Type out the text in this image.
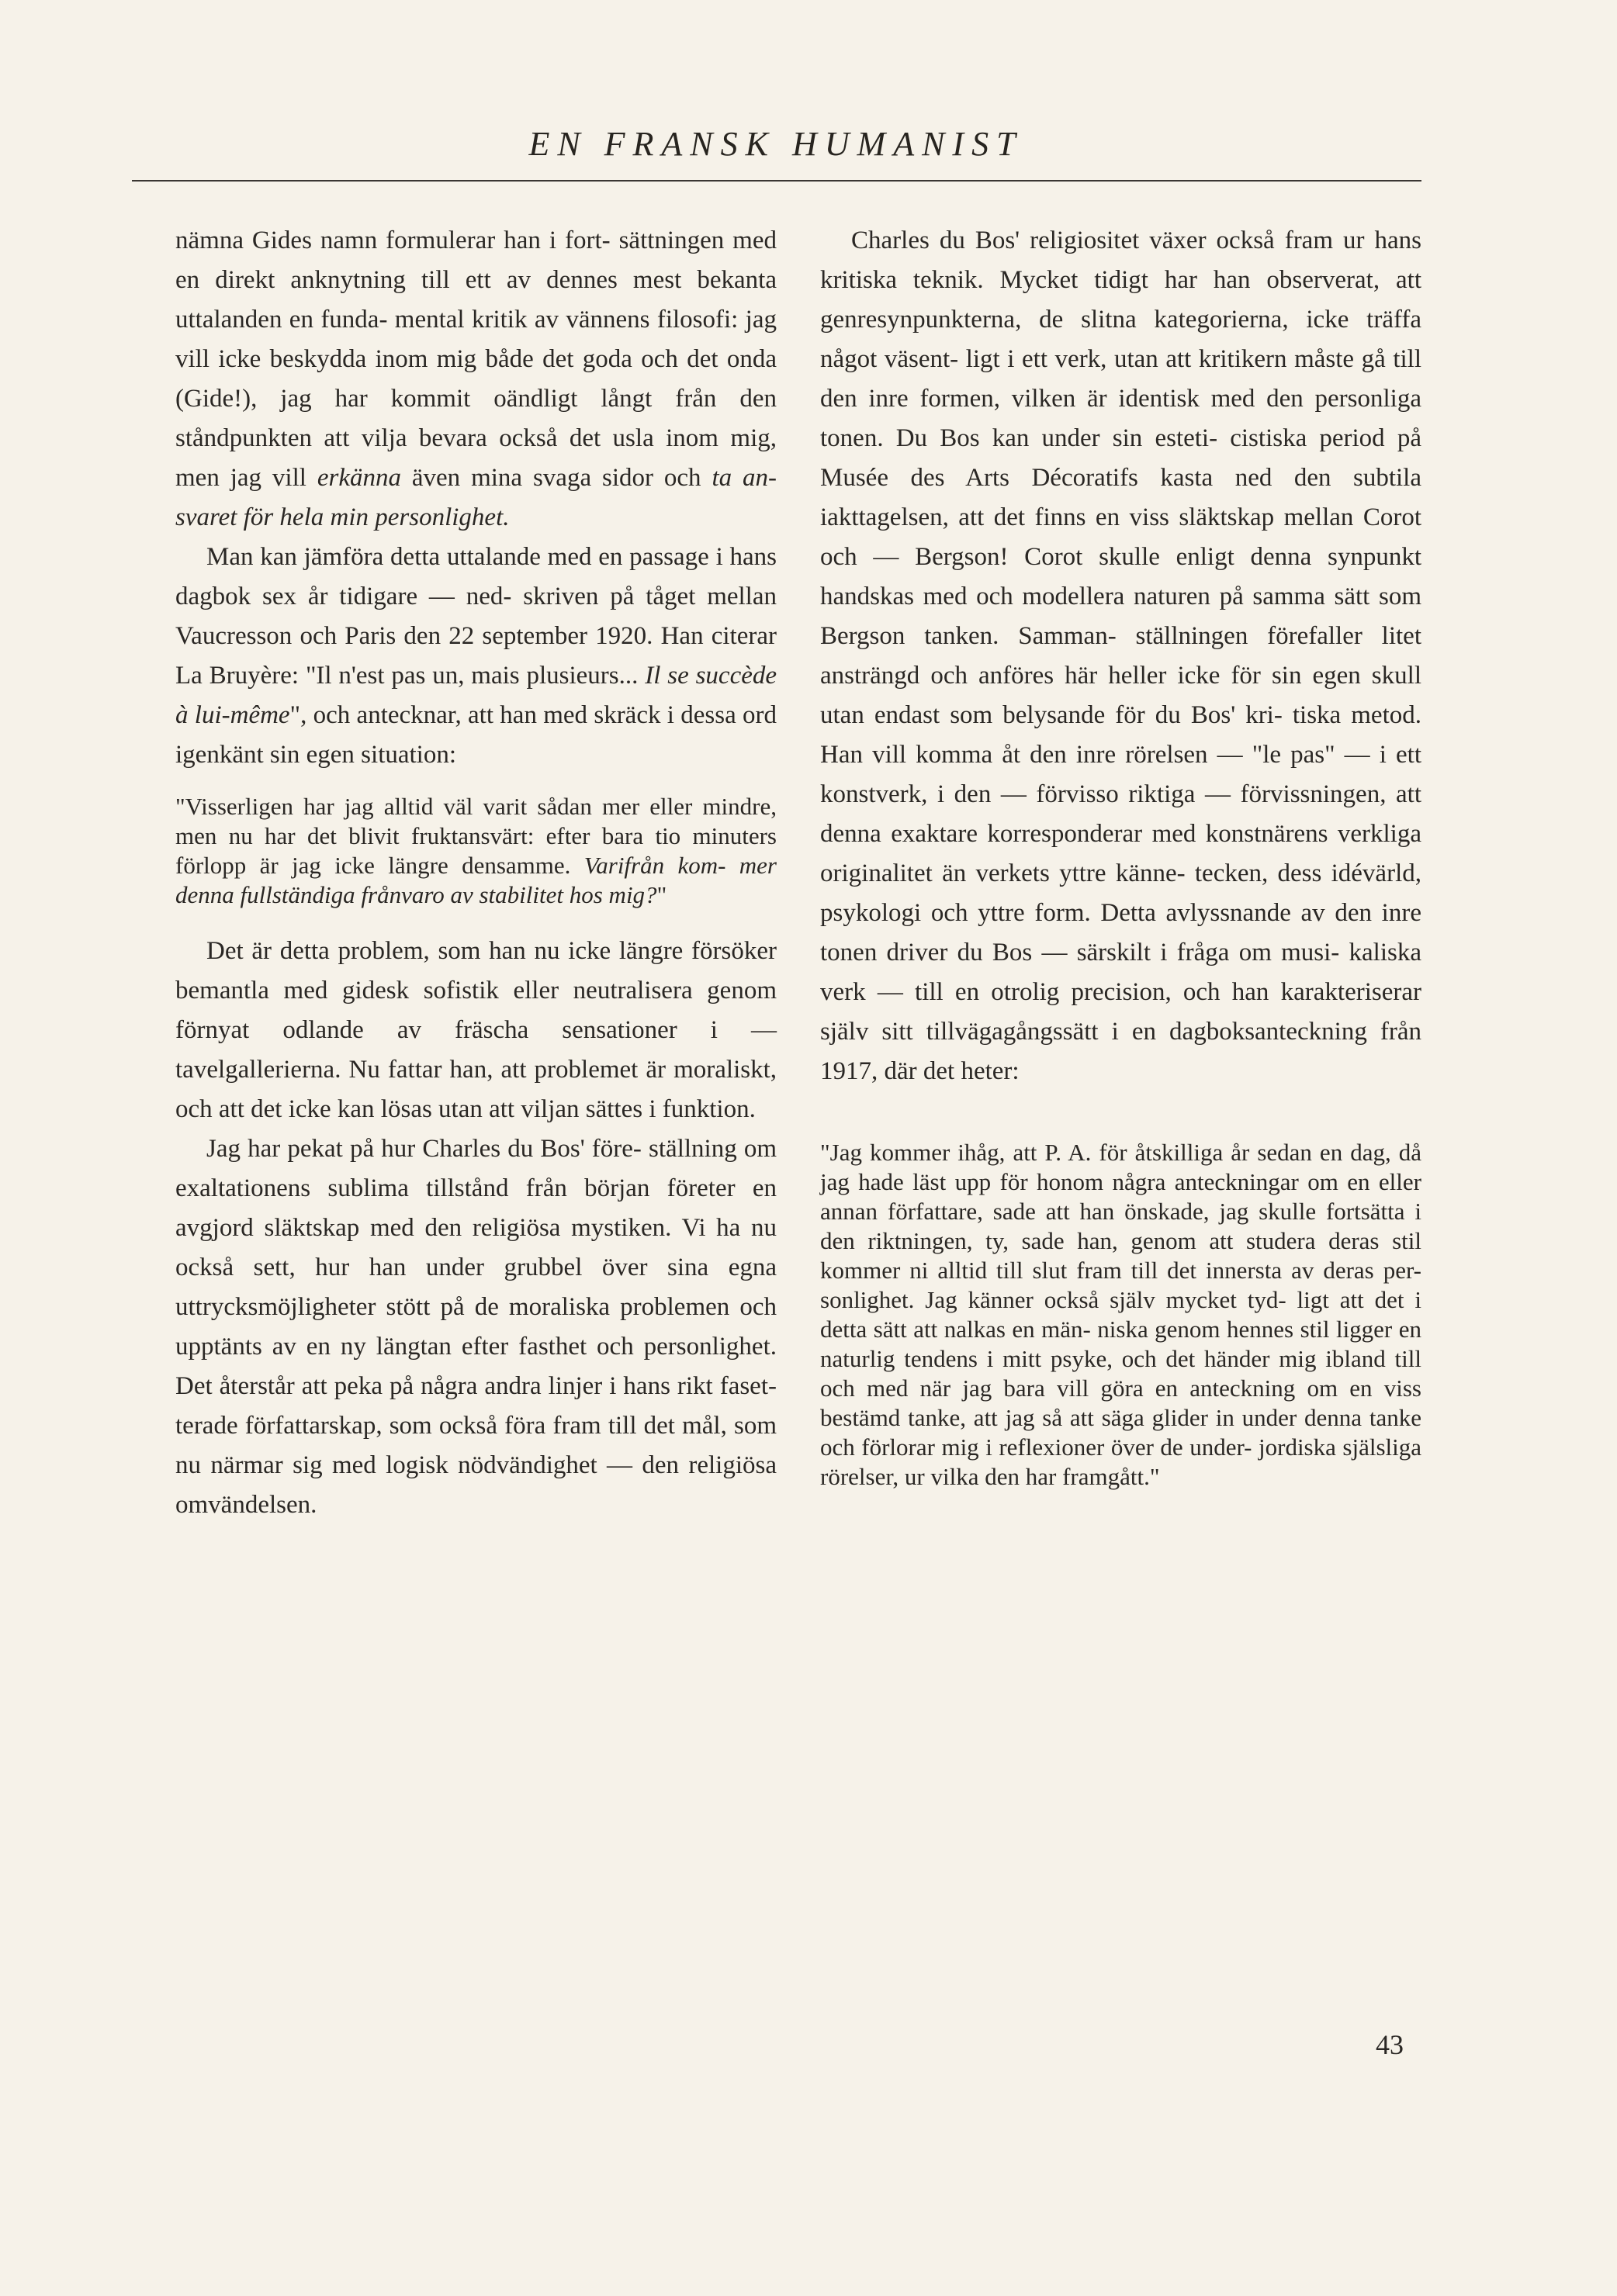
EN FRANSK HUMANIST

nämna Gides namn formulerar han i fort- sättningen med en direkt anknytning till ett av dennes mest bekanta uttalanden en funda- mental kritik av vännens filosofi: jag vill icke beskydda inom mig både det goda och det onda (Gide!), jag har kommit oändligt långt från den ståndpunkten att vilja bevara också det usla inom mig, men jag vill erkänna även mina svaga sidor och ta an- svaret för hela min personlighet.

Man kan jämföra detta uttalande med en passage i hans dagbok sex år tidigare — ned- skriven på tåget mellan Vaucresson och Paris den 22 september 1920. Han citerar La Bruyère: "Il n'est pas un, mais plusieurs... Il se succède à lui-même", och antecknar, att han med skräck i dessa ord igenkänt sin egen situation:

"Visserligen har jag alltid väl varit sådan mer eller mindre, men nu har det blivit fruktansvärt: efter bara tio minuters förlopp är jag icke längre densamme. Varifrån kom- mer denna fullständiga frånvaro av stabilitet hos mig?"

Det är detta problem, som han nu icke längre försöker bemantla med gidesk sofistik eller neutralisera genom förnyat odlande av fräscha sensationer i — tavelgallerierna. Nu fattar han, att problemet är moraliskt, och att det icke kan lösas utan att viljan sättes i funktion.

Jag har pekat på hur Charles du Bos' före- ställning om exaltationens sublima tillstånd från början företer en avgjord släktskap med den religiösa mystiken. Vi ha nu också sett, hur han under grubbel över sina egna uttrycksmöjligheter stött på de moraliska problemen och upptänts av en ny längtan efter fasthet och personlighet. Det återstår att peka på några andra linjer i hans rikt faset- terade författarskap, som också föra fram till det mål, som nu närmar sig med logisk nödvändighet — den religiösa omvändelsen.

Charles du Bos' religiositet växer också fram ur hans kritiska teknik. Mycket tidigt har han observerat, att genresynpunkterna, de slitna kategorierna, icke träffa något väsent- ligt i ett verk, utan att kritikern måste gå till den inre formen, vilken är identisk med den personliga tonen. Du Bos kan under sin esteti- cistiska period på Musée des Arts Décoratifs kasta ned den subtila iakttagelsen, att det finns en viss släktskap mellan Corot och — Bergson! Corot skulle enligt denna synpunkt handskas med och modellera naturen på samma sätt som Bergson tanken. Samman- ställningen förefaller litet ansträngd och anföres här heller icke för sin egen skull utan endast som belysande för du Bos' kri- tiska metod. Han vill komma åt den inre rörelsen — "le pas" — i ett konstverk, i den — förvisso riktiga — förvissningen, att denna exaktare korresponderar med konstnärens verkliga originalitet än verkets yttre känne- tecken, dess idévärld, psykologi och yttre form. Detta avlyssnande av den inre tonen driver du Bos — särskilt i fråga om musi- kaliska verk — till en otrolig precision, och han karakteriserar själv sitt tillvägagångssätt i en dagboksanteckning från 1917, där det heter:

"Jag kommer ihåg, att P. A. för åtskilliga år sedan en dag, då jag hade läst upp för honom några anteckningar om en eller annan författare, sade att han önskade, jag skulle fortsätta i den riktningen, ty, sade han, genom att studera deras stil kommer ni alltid till slut fram till det innersta av deras per- sonlighet. Jag känner också själv mycket tyd- ligt att det i detta sätt att nalkas en män- niska genom hennes stil ligger en naturlig tendens i mitt psyke, och det händer mig ibland till och med när jag bara vill göra en anteckning om en viss bestämd tanke, att jag så att säga glider in under denna tanke och förlorar mig i reflexioner över de under- jordiska själsliga rörelser, ur vilka den har framgått."

43
